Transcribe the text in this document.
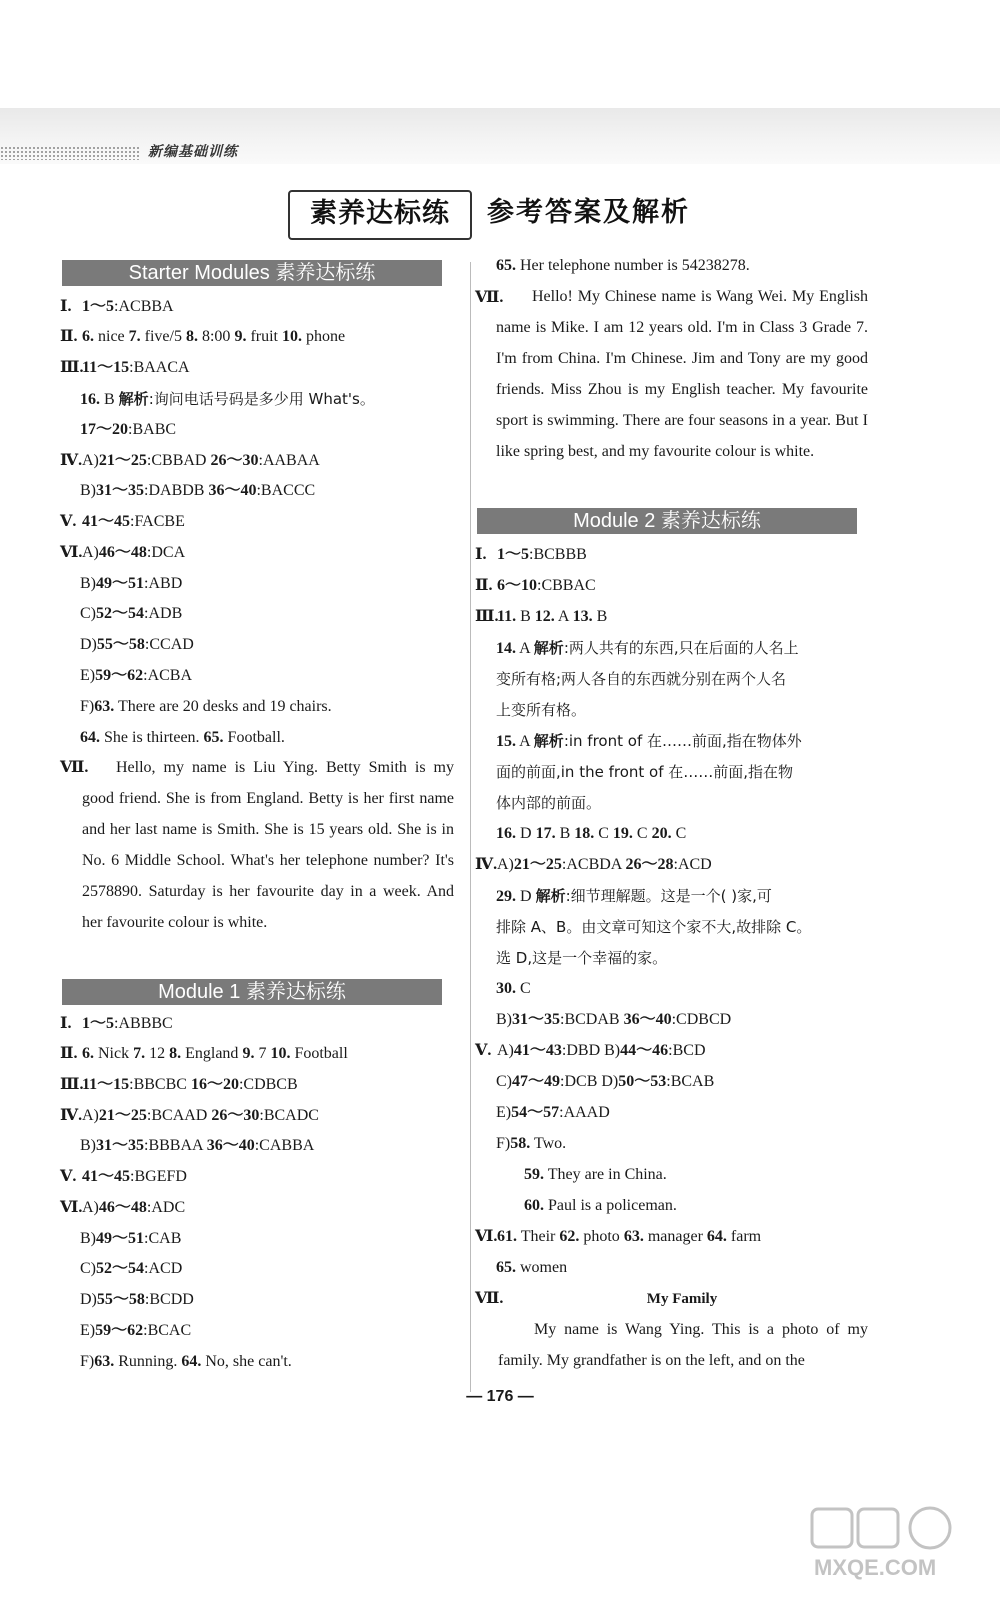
新编基础训练
素养达标练	参考答案及解析
Starter Modules 素养达标练
Ⅰ. 1～5:ACBBA
Ⅱ. 6. nice 7. five/5 8. 8:00 9. fruit 10. phone
Ⅲ.11～15:BAACA
16. B 解析:询问电话号码是多少用 What's。
17～20:BABC
Ⅳ.A)21～25:CBBAD 26～30:AABAA
B)31～35:DABDB 36～40:BACCC
Ⅴ. 41～45:FACBE
Ⅵ.A)46～48:DCA
B)49～51:ABD
C)52～54:ADB
D)55～58:CCAD
E)59～62:ACBA
F)63. There are 20 desks and 19 chairs.
64. She is thirteen. 65. Football.
Ⅶ.	Hello, my name is Liu Ying. Betty Smith is my good friend. She is from England. Betty is her first name and her last name is Smith. She is 15 years old. She is in No. 6 Middle School. What's her telephone number? It's 2578890. Saturday is her favourite day in a week. And her favourite colour is white.
Module 1 素养达标练
Ⅰ. 1～5:ABBBC
Ⅱ. 6. Nick 7. 12 8. England 9. 7 10. Football
Ⅲ.11～15:BBCBC 16～20:CDBCB
Ⅳ.A)21～25:BCAAD 26～30:BCADC
B)31～35:BBBAA 36～40:CABBA
Ⅴ. 41～45:BGEFD
Ⅵ.A)46～48:ADC
B)49～51:CAB
C)52～54:ACD
D)55～58:BCDD
E)59～62:BCAC
F)63. Running. 64. No, she can't.
65. Her telephone number is 54238278.
Ⅶ.	Hello! My Chinese name is Wang Wei. My English name is Mike. I am 12 years old. I'm in Class 3 Grade 7. I'm from China. I'm Chinese. Jim and Tony are my good friends. Miss Zhou is my English teacher. My favourite sport is swimming. There are four seasons in a year. But I like spring best, and my favourite colour is white.
Module 2 素养达标练
Ⅰ. 1～5:BCBBB
Ⅱ. 6～10:CBBAC
Ⅲ.11. B 12. A 13. B
14. A 解析:两人共有的东西,只在后面的人名上
变所有格;两人各自的东西就分别在两个人名
上变所有格。
15. A 解析:in front of 在……前面,指在物体外
面的前面,in the front of 在……前面,指在物
体内部的前面。
16. D 17. B 18. C 19. C 20. C
Ⅳ.A)21～25:ACBDA 26～28:ACD
29. D 解析:细节理解题。这是一个( )家,可
排除 A、B。由文章可知这个家不大,故排除 C。
选 D,这是一个幸福的家。
30. C
B)31～35:BCDAB 36～40:CDBCD
Ⅴ. A)41～43:DBD B)44～46:BCD
C)47～49:DCB D)50～53:BCAB
E)54～57:AAAD
F)58. Two.
59. They are in China.
60. Paul is a policeman.
Ⅵ.61. Their 62. photo 63. manager 64. farm
65. women
Ⅶ.	My Family
My name is Wang Ying. This is a photo of my family. My grandfather is on the left, and on the
— 176 —
MXQE.COM
